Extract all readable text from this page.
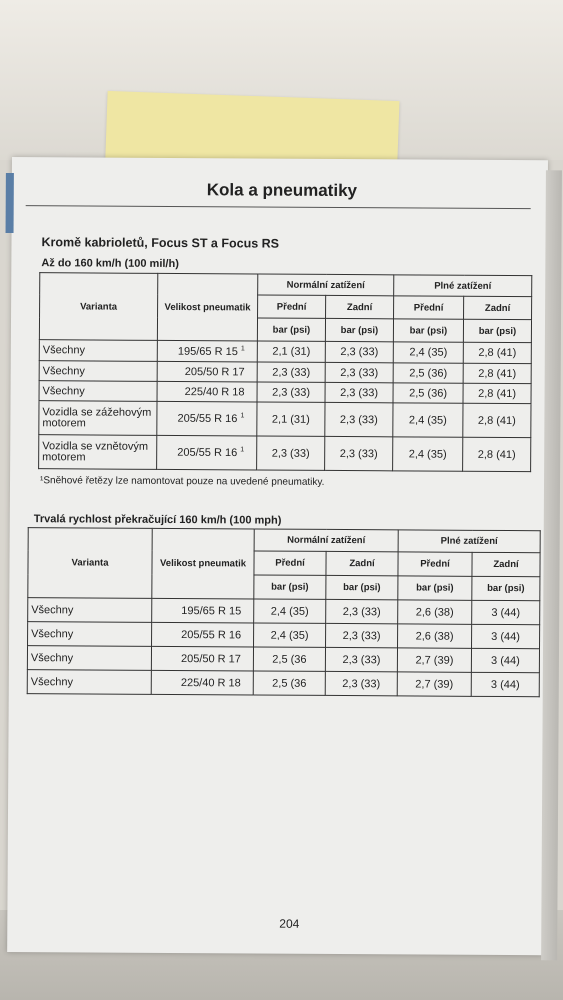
Kola a pneumatiky
Kromě kabrioletů, Focus ST a Focus RS
Až do 160 km/h (100 mil/h)
Varianta	Velikost pneumatik	Normální zatížení		Plné zatížení	
		Přední	Zadní	Přední	Zadní
		bar (psi)	bar (psi)	bar (psi)	bar (psi)
Všechny	195/65 R 15 $^1$	2,1 (31)	2,3 (33)	2,4 (35)	2,8 (41)
Všechny	205/50 R 17	2,3 (33)	2,3 (33)	2,5 (36)	2,8 (41)
Všechny	225/40 R 18	2,3 (33)	2,3 (33)	2,5 (36)	2,8 (41)
Vozidla se zážehovým motorem	205/55 R 16 $^1$	2,1 (31)	2,3 (33)	2,4 (35)	2,8 (41)
Vozidla se vznětovým motorem	205/55 R 16 $^1$	2,3 (33)	2,3 (33)	2,4 (35)	2,8 (41)
¹Sněhové řetězy lze namontovat pouze na uvedené pneumatiky.
Trvalá rychlost překračující 160 km/h (100 mph)
Varianta	Velikost pneumatik	Normální zatížení		Plné zatížení	
		Přední	Zadní	Přední	Zadní
		bar (psi)	bar (psi)	bar (psi)	bar (psi)
Všechny	195/65 R 15	2,4 (35)	2,3 (33)	2,6 (38)	3 (44)
Všechny	205/55 R 16	2,4 (35)	2,3 (33)	2,6 (38)	3 (44)
Všechny	205/50 R 17	2,5 (36	2,3 (33)	2,7 (39)	3 (44)
Všechny	225/40 R 18	2,5 (36	2,3 (33)	2,7 (39)	3 (44)
204
